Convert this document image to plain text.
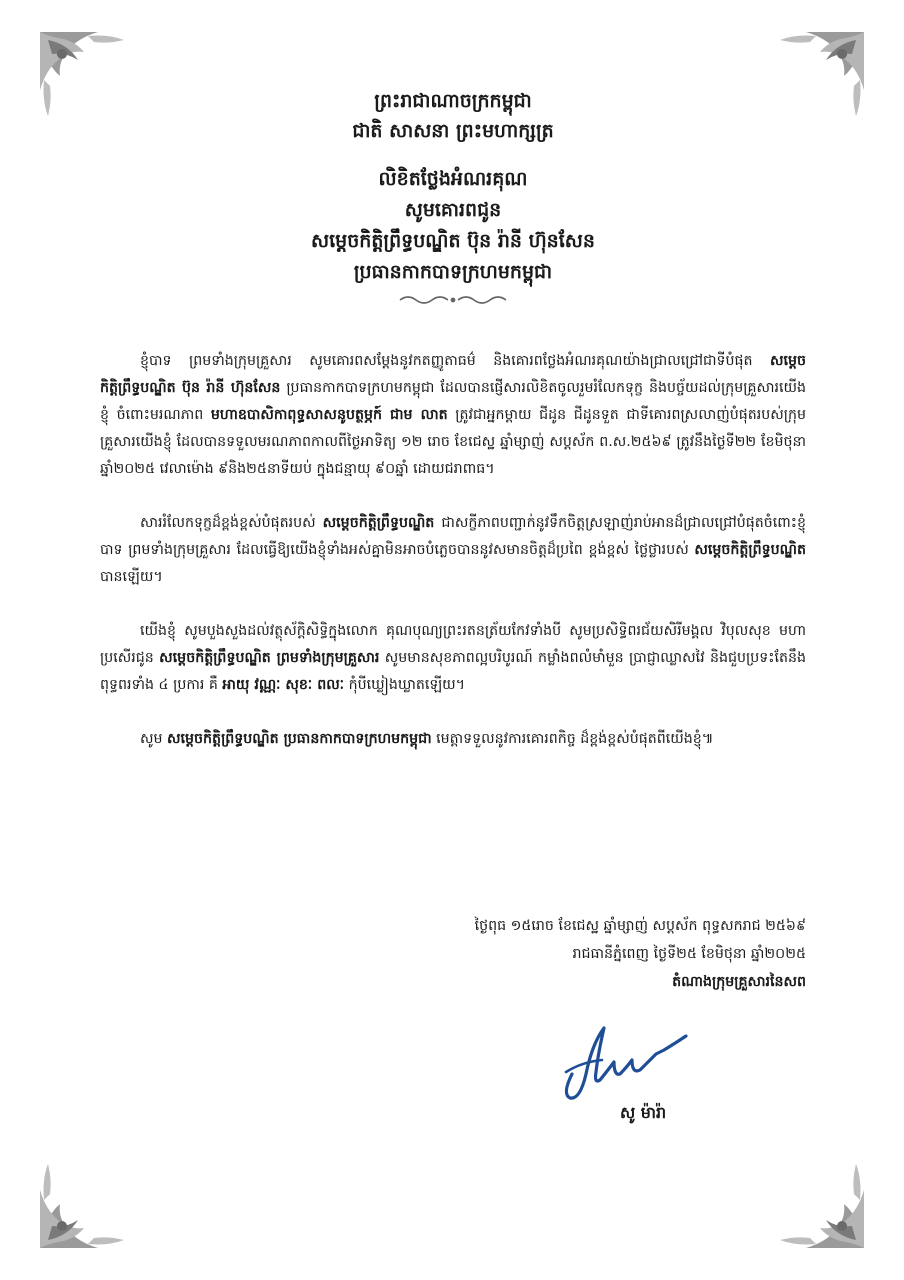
ព្រះរាជាណាចក្រកម្ពុជា

ជាតិ សាសនា ព្រះមហាក្សត្រ

លិខិតថ្លែងអំណរគុណ

សូមគោរពជូន

សម្តេចកិត្តិព្រឹទ្ធបណ្ឌិត ប៊ុន រ៉ានី ហ៊ុនសែន

ប្រធានកាកបាទក្រហមកម្ពុជា

ខ្ញុំបាទ ព្រមទាំងក្រុមគ្រួសារ សូមគោរពសម្តែងនូវកតញ្ញូតាធម៌ និងគោរពថ្លែងអំណរគុណយ៉ាងជ្រាលជ្រៅជាទីបំផុត សម្តេចកិត្តិព្រឹទ្ធបណ្ឌិត ប៊ុន រ៉ានី ហ៊ុនសែន ប្រធានកាកបាទក្រហមកម្ពុជា ដែលបានផ្ញើសារលិខិតចូលរួមរំលែកទុក្ខ និងបច្ច័យដល់ក្រុមគ្រួសារយើងខ្ញុំ ចំពោះមរណភាព មហាឧបាសិកាពុទ្ធសាសនូបត្ថម្ភក៍ ជាម លាត ត្រូវជាអ្នកម្តាយ ជីដូន ជីដូនទួត ជាទីគោរពស្រលាញ់បំផុតរបស់ក្រុមគ្រួសារយើងខ្ញុំ ដែលបានទទួលមរណភាពកាលពីថ្ងៃអាទិត្យ ១២ រោច ខែជេស្ឋ ឆ្នាំម្សាញ់ សប្តស័ក ព.ស.២៥៦៩ ត្រូវនឹងថ្ងៃទី២២ ខែមិថុនា ឆ្នាំ២០២៥ វេលាម៉ោង ៩និង២៥នាទីយប់ ក្នុងជន្មាយុ ៩០ឆ្នាំ ដោយជរាពាធ។

សាររំលែកទុក្ខដ៏ខ្ពង់ខ្ពស់បំផុតរបស់ សម្តេចកិត្តិព្រឹទ្ធបណ្ឌិត ជាសក្ខីភាពបញ្ជាក់នូវទឹកចិត្តស្រឡាញ់រាប់អានដ៏ជ្រាលជ្រៅបំផុតចំពោះខ្ញុំបាទ ព្រមទាំងក្រុមគ្រួសារ ដែលធ្វើឱ្យយើងខ្ញុំទាំងអស់គ្នាមិនអាចបំភ្លេចបាននូវសមានចិត្តដ៏ប្រពៃ ខ្ពង់ខ្ពស់ ថ្លៃថ្លារបស់ សម្តេចកិត្តិព្រឹទ្ធបណ្ឌិត បានឡើយ។

យើងខ្ញុំ សូមបួងសួងដល់វត្ថុស័ក្តិសិទ្ធិក្នុងលោក គុណបុណ្យព្រះរតនត្រ័យកែវទាំងបី សូមប្រសិទ្ធិពរជ័យសិរីមង្គល វិបុលសុខ មហាប្រសើរជូន សម្តេចកិត្តិព្រឹទ្ធបណ្ឌិត ព្រមទាំងក្រុមគ្រួសារ សូមមានសុខភាពល្អបរិបូរណ៍ កម្លាំងពលំមាំមួន ប្រាជ្ញាឈ្លាសវៃ និងជួបប្រទះតែនឹងពុទ្ធពរទាំង ៤ ប្រការ គឺ អាយុ វណ្ណៈ សុខៈ ពលៈ កុំបីឃ្លៀងឃ្លាតឡើយ។

សូម សម្តេចកិត្តិព្រឹទ្ធបណ្ឌិត ប្រធានកាកបាទក្រហមកម្ពុជា មេត្តាទទួលនូវការគោរពកិច្ច ដ៏ខ្ពង់ខ្ពស់បំផុតពីយើងខ្ញុំ៕

ថ្ងៃពុធ ១៥រោច ខែជេស្ឋ ឆ្នាំម្សាញ់ សប្តស័ក ពុទ្ធសករាជ ២៥៦៩
រាជធានីភ្នំពេញ ថ្ងៃទី២៥ ខែមិថុនា ឆ្នាំ២០២៥
តំណាងក្រុមគ្រួសារនៃសព
សូ ម៉ារ៉ា
